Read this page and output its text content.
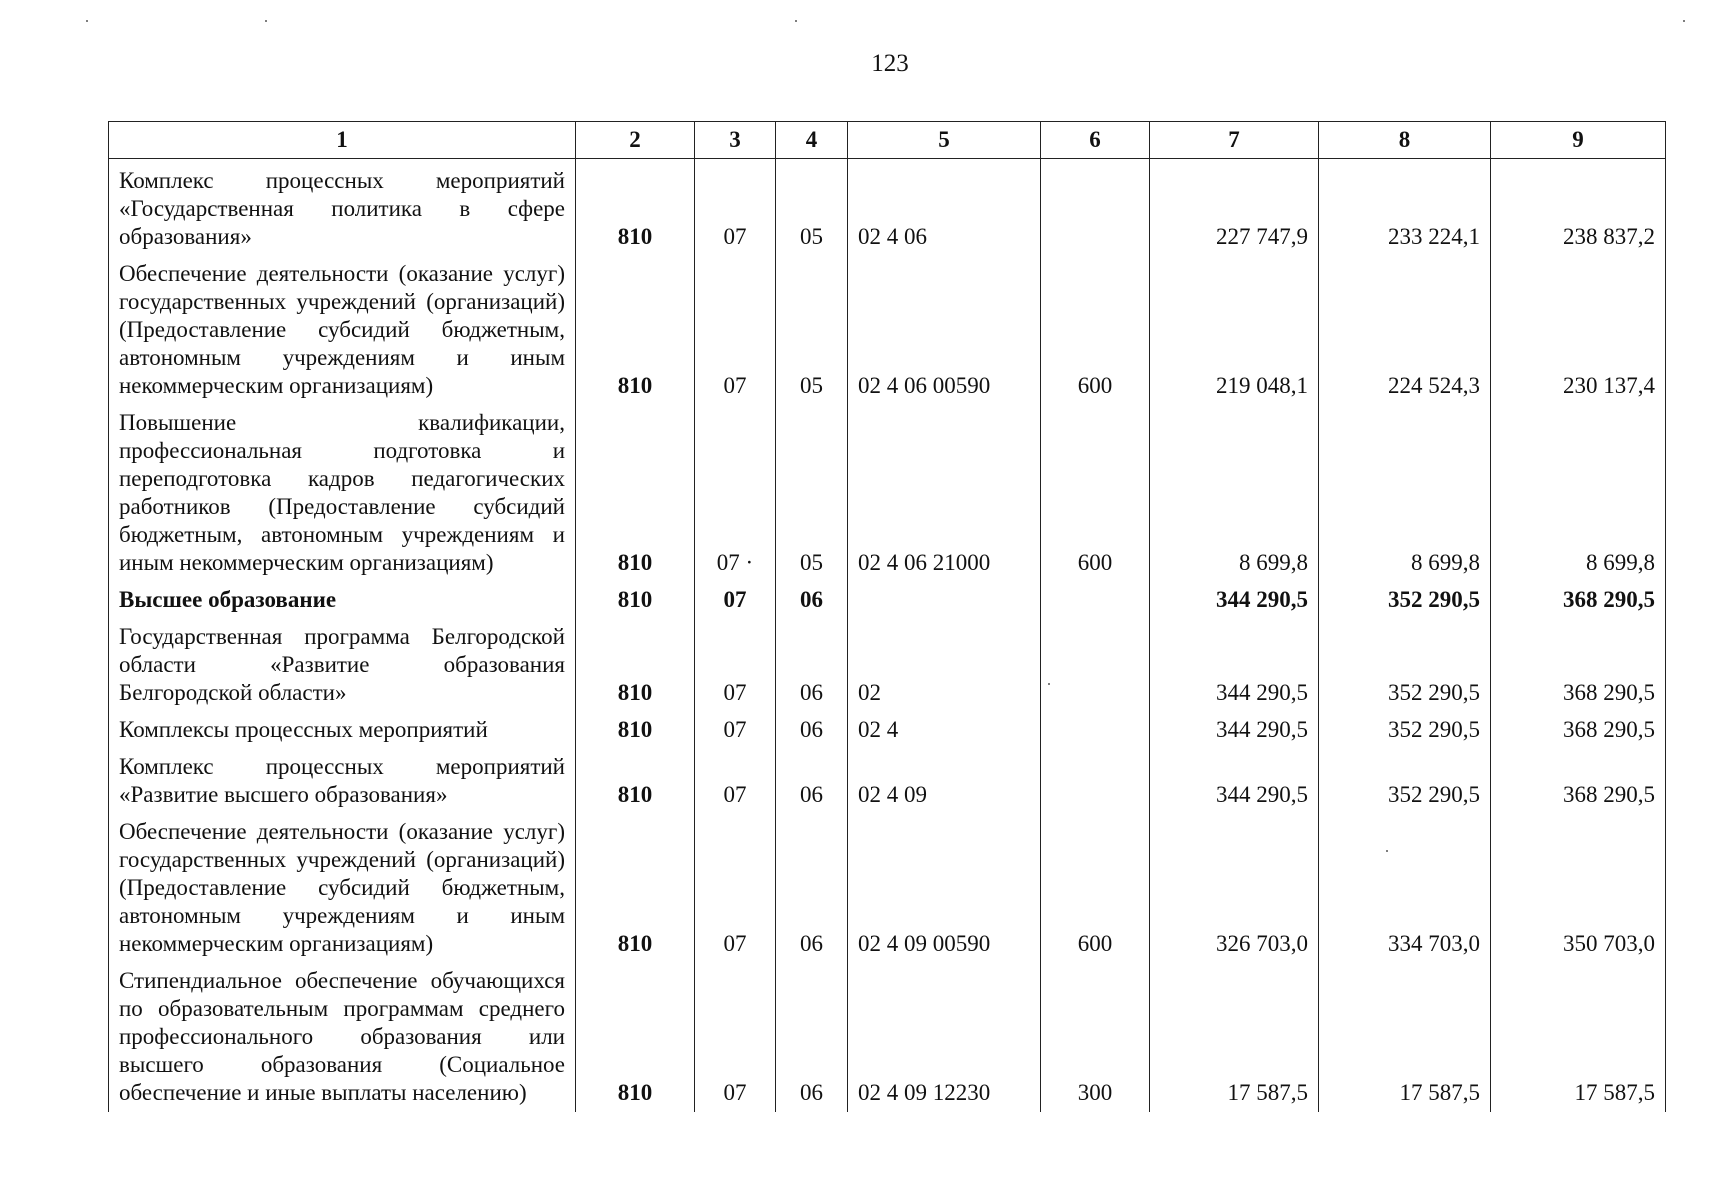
123
1	2	3	4	5	6	7	8	9
Комплекс процессных мероприятий «Государственная политика в сфере образования»	810	07	05	02 4 06		227 747,9	233 224,1	238 837,2
Обеспечение деятельности (оказание услуг) государственных учреждений (организаций) (Предоставление субсидий бюджетным, автономным учреждениям и иным некоммерческим организациям)	810	07	05	02 4 06 00590	600	219 048,1	224 524,3	230 137,4
Повышение квалификации, профессиональная подготовка и переподготовка кадров педагогических работников (Предоставление субсидий бюджетным, автономным учреждениям и иным некоммерческим организациям)	810	07 ·	05	02 4 06 21000	600	8 699,8	8 699,8	8 699,8
Высшее образование	810	07	06			344 290,5	352 290,5	368 290,5
Государственная программа Белгородской области «Развитие образования Белгородской области»	810	07	06	02		344 290,5	352 290,5	368 290,5
Комплексы процессных мероприятий	810	07	06	02 4		344 290,5	352 290,5	368 290,5
Комплекс процессных мероприятий «Развитие высшего образования»	810	07	06	02 4 09		344 290,5	352 290,5	368 290,5
Обеспечение деятельности (оказание услуг) государственных учреждений (организаций) (Предоставление субсидий бюджетным, автономным учреждениям и иным некоммерческим организациям)	810	07	06	02 4 09 00590	600	326 703,0	334 703,0	350 703,0
Стипендиальное обеспечение обучающихся по образовательным программам среднего профессионального образования или высшего образования (Социальное обеспечение и иные выплаты населению)	810	07	06	02 4 09 12230	300	17 587,5	17 587,5	17 587,5
